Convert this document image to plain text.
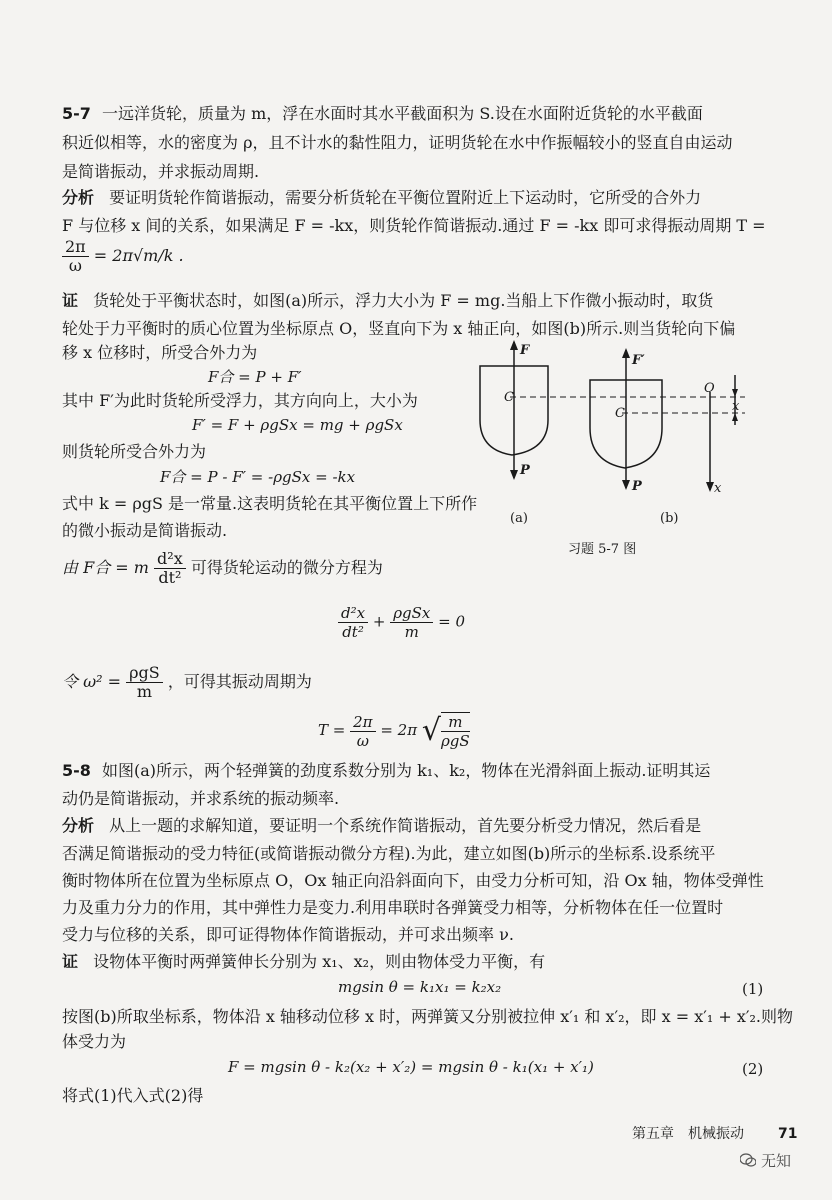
5-7 一远洋货轮，质量为 m，浮在水面时其水平截面积为 S.设在水面附近货轮的水平截面
积近似相等，水的密度为 ρ，且不计水的黏性阻力，证明货轮在水中作振幅较小的竖直自由运动
是简谐振动，并求振动周期.
分析 要证明货轮作简谐振动，需要分析货轮在平衡位置附近上下运动时，它所受的合外力
F 与位移 x 间的关系，如果满足 F = -kx，则货轮作简谐振动.通过 F = -kx 即可求得振动周期 T =
$\frac{2\pi}{\omega} = 2\pi√m/k$ .
证 货轮处于平衡状态时，如图(a)所示，浮力大小为 F = mg.当船上下作微小振动时，取货
轮处于力平衡时的质心位置为坐标原点 O，竖直向下为 x 轴正向，如图(b)所示.则当货轮向下偏
移 x 位移时，所受合外力为
F合 = P + F′
其中 F′为此时货轮所受浮力，其方向向上，大小为
F′ = F + ρgSx = mg + ρgSx
则货轮所受合外力为
F合 = P - F′ = -ρgSx = -kx
式中 k = ρgS 是一常量.这表明货轮在其平衡位置上下所作
的微小振动是简谐振动.
由 F合 = m $\frac{\text{d²x}}{\text{dt²}}$ 可得货轮运动的微分方程为
$\frac{\text{d²x}}{\text{dt²}} + \frac{\text{ρgSx}}{m} = 0$
令 $\omega^2 = \frac{\text{ρgS}}{m}$ ，可得其振动周期为
$T = \frac{2\pi}{\omega} = 2\pi$ √ $\frac{m}{\text{ρgS}}$
F
F′
C
C
O
x
P
P	x
(a)	(b)
习题 5-7 图
5-8 如图(a)所示，两个轻弹簧的劲度系数分别为 k₁、k₂，物体在光滑斜面上振动.证明其运
动仍是简谐振动，并求系统的振动频率.
分析 从上一题的求解知道，要证明一个系统作简谐振动，首先要分析受力情况，然后看是
否满足简谐振动的受力特征(或简谐振动微分方程).为此，建立如图(b)所示的坐标系.设系统平
衡时物体所在位置为坐标原点 O，Ox 轴正向沿斜面向下，由受力分析可知，沿 Ox 轴，物体受弹性
力及重力分力的作用，其中弹性力是变力.利用串联时各弹簧受力相等，分析物体在任一位置时
受力与位移的关系，即可证得物体作简谐振动，并可求出频率 ν.
证 设物体平衡时两弹簧伸长分别为 x₁、x₂，则由物体受力平衡，有
mgsin θ = k₁x₁ = k₂x₂	(1)
按图(b)所取坐标系，物体沿 x 轴移动位移 x 时，两弹簧又分别被拉伸 x′₁ 和 x′₂，即 x = x′₁ + x′₂.则物
体受力为
F = mgsin θ - k₂(x₂ + x′₂) = mgsin θ - k₁(x₁ + x′₁)	(2)
将式(1)代入式(2)得
第五章　机械振动 71
无知
